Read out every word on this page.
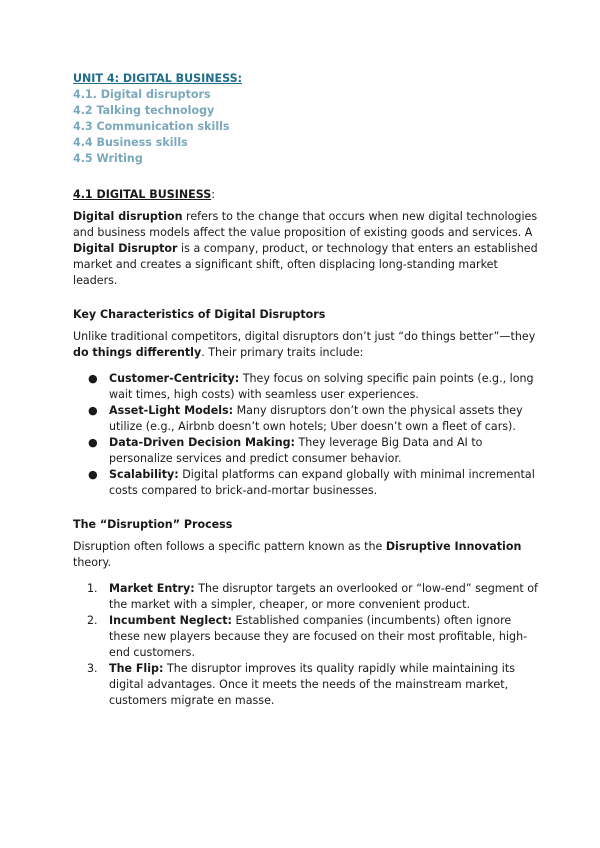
UNIT 4: DIGITAL BUSINESS:
4.1. Digital disruptors
4.2 Talking technology
4.3 Communication skills
4.4 Business skills
4.5 Writing
4.1 DIGITAL BUSINESS:

Digital disruption refers to the change that occurs when new digital technologies and business models affect the value proposition of existing goods and services. A Digital Disruptor is a company, product, or technology that enters an established market and creates a significant shift, often displacing long-standing market leaders.

Key Characteristics of Digital Disruptors

Unlike traditional competitors, digital disruptors don’t just “do things better”—they do things differently. Their primary traits include:

● Customer-Centricity: They focus on solving specific pain points (e.g., long wait times, high costs) with seamless user experiences.
● Asset-Light Models: Many disruptors don’t own the physical assets they utilize (e.g., Airbnb doesn’t own hotels; Uber doesn’t own a fleet of cars).
● Data-Driven Decision Making: They leverage Big Data and AI to personalize services and predict consumer behavior.
● Scalability: Digital platforms can expand globally with minimal incremental costs compared to brick-and-mortar businesses.
The “Disruption” Process

Disruption often follows a specific pattern known as the Disruptive Innovation theory.

1. Market Entry: The disruptor targets an overlooked or “low-end” segment of the market with a simpler, cheaper, or more convenient product.
2. Incumbent Neglect: Established companies (incumbents) often ignore these new players because they are focused on their most profitable, high-end customers.
3. The Flip: The disruptor improves its quality rapidly while maintaining its digital advantages. Once it meets the needs of the mainstream market, customers migrate en masse.
